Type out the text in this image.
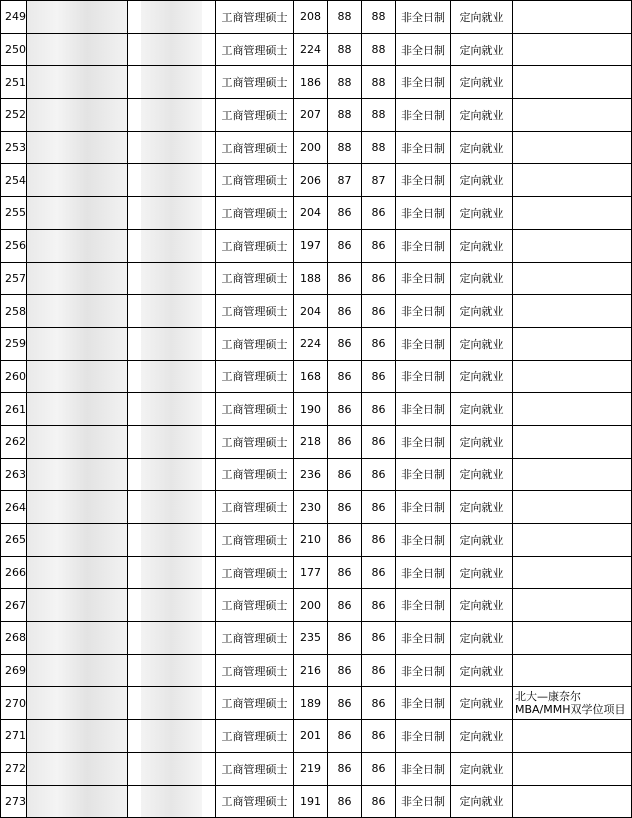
249			工商管理硕士	208	88	88	非全日制	定向就业	
250			工商管理硕士	224	88	88	非全日制	定向就业	
251			工商管理硕士	186	88	88	非全日制	定向就业	
252			工商管理硕士	207	88	88	非全日制	定向就业	
253			工商管理硕士	200	88	88	非全日制	定向就业	
254			工商管理硕士	206	87	87	非全日制	定向就业	
255			工商管理硕士	204	86	86	非全日制	定向就业	
256			工商管理硕士	197	86	86	非全日制	定向就业	
257			工商管理硕士	188	86	86	非全日制	定向就业	
258			工商管理硕士	204	86	86	非全日制	定向就业	
259			工商管理硕士	224	86	86	非全日制	定向就业	
260			工商管理硕士	168	86	86	非全日制	定向就业	
261			工商管理硕士	190	86	86	非全日制	定向就业	
262			工商管理硕士	218	86	86	非全日制	定向就业	
263			工商管理硕士	236	86	86	非全日制	定向就业	
264			工商管理硕士	230	86	86	非全日制	定向就业	
265			工商管理硕士	210	86	86	非全日制	定向就业	
266			工商管理硕士	177	86	86	非全日制	定向就业	
267			工商管理硕士	200	86	86	非全日制	定向就业	
268			工商管理硕士	235	86	86	非全日制	定向就业	
269			工商管理硕士	216	86	86	非全日制	定向就业	
270			工商管理硕士	189	86	86	非全日制	定向就业	北大—康奈尔MBA/MMH双学位项目
271			工商管理硕士	201	86	86	非全日制	定向就业	
272			工商管理硕士	219	86	86	非全日制	定向就业	
273			工商管理硕士	191	86	86	非全日制	定向就业	
